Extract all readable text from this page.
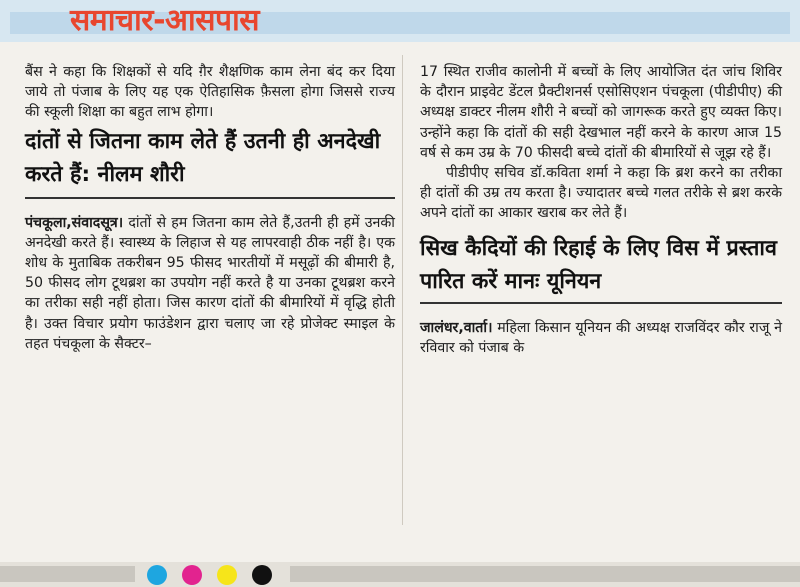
समाचार-आसपास

बैंस ने कहा कि शिक्षकों से यदि ग़ैर शैक्षणिक काम लेना बंद कर दिया जाये तो पंजाब के लिए यह एक ऐतिहासिक फ़ैसला होगा जिससे राज्य की स्कूली शिक्षा का बहुत लाभ होगा।

दांतों से जितना काम लेते हैं उतनी ही अनदेखी करते हैं: नीलम शौरी

पंचकूला,संवादसूत्र। दांतों से हम जितना काम लेते हैं,उतनी ही हमें उनकी अनदेखी करते हैं। स्वास्थ्य के लिहाज से यह लापरवाही ठीक नहीं है। एक शोध के मुताबिक तकरीबन 95 फीसद भारतीयों में मसूढ़ों की बीमारी है, 50 फीसद लोग टूथब्रश का उपयोग नहीं करते है या उनका टूथब्रश करने का तरीका सही नहीं होता। जिस कारण दांतों की बीमारियों में वृद्धि होती है। उक्त विचार प्रयोग फाउंडेशन द्वारा चलाए जा रहे प्रोजेक्ट स्माइल के तहत पंचकूला के सैक्टर–

17 स्थित राजीव कालोनी में बच्चों के लिए आयोजित दंत जांच शिविर के दौरान प्राइवेट डेंटल प्रैक्टीशनर्स एसोसिएशन पंचकूला (पीडीपीए) की अध्यक्ष डाक्टर नीलम शौरी ने बच्चों को जागरूक करते हुए व्यक्त किए। उन्होंने कहा कि दांतों की सही देखभाल नहीं करने के कारण आज 15 वर्ष से कम उम्र के 70 फीसदी बच्चे दांतों की बीमारियों से जूझ रहे हैं।

पीडीपीए सचिव डॉ.कविता शर्मा ने कहा कि ब्रश करने का तरीका ही दांतों की उम्र तय करता है। ज्यादातर बच्चे गलत तरीके से ब्रश करके अपने दांतों का आकार खराब कर लेते हैं।

सिख कैदियों की रिहाई के लिए विस में प्रस्ताव पारित करें मानः यूनियन

जालंधर,वार्ता। महिला किसान यूनियन की अध्यक्ष राजविंदर कौर राजू ने रविवार को पंजाब के
